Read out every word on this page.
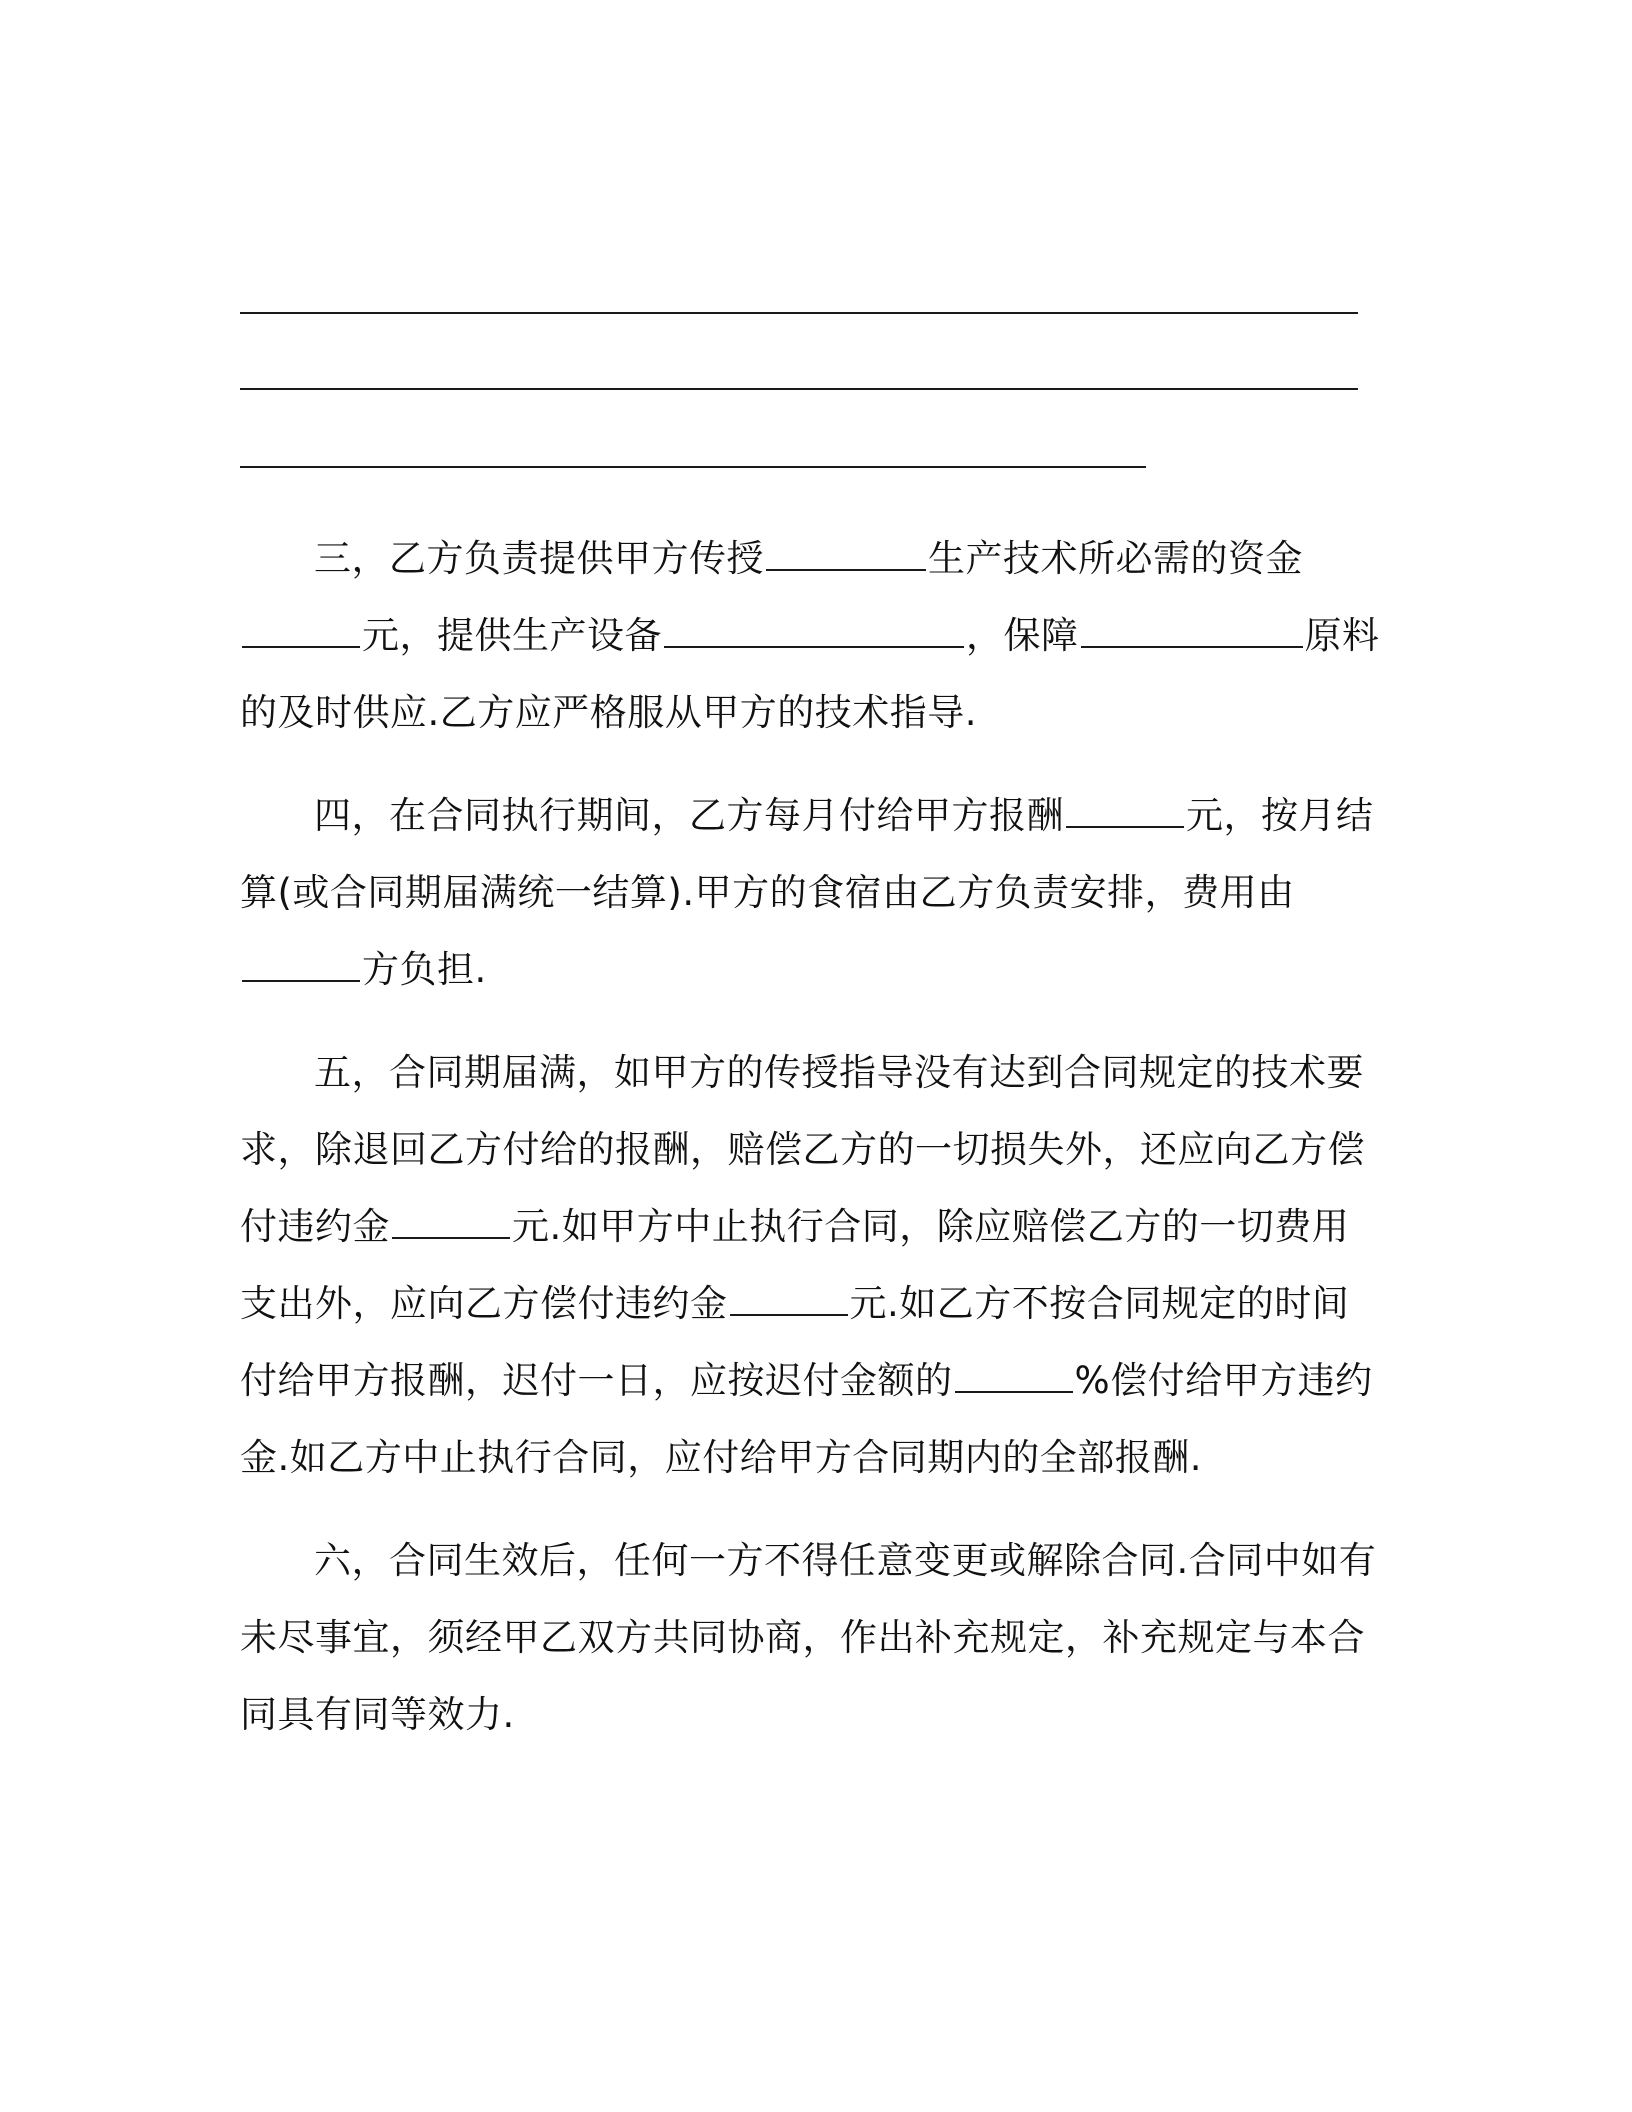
三，乙方负责提供甲方传授	生产技术所必需的资金元，提供生产设备	，保障	原料的及时供应.乙方应严格服从甲方的技术指导.

四，在合同执行期间，乙方每月付给甲方报酬	元，按月结算(或合同期届满统一结算).甲方的食宿由乙方负责安排，费用由方负担.

五，合同期届满，如甲方的传授指导没有达到合同规定的技术要求，除退回乙方付给的报酬，赔偿乙方的一切损失外，还应向乙方偿付违约金	元.如甲方中止执行合同，除应赔偿乙方的一切费用支出外，应向乙方偿付违约金	元.如乙方不按合同规定的时间付给甲方报酬，迟付一日，应按迟付金额的	%偿付给甲方违约金.如乙方中止执行合同，应付给甲方合同期内的全部报酬.

六，合同生效后，任何一方不得任意变更或解除合同.合同中如有未尽事宜，须经甲乙双方共同协商，作出补充规定，补充规定与本合同具有同等效力.
